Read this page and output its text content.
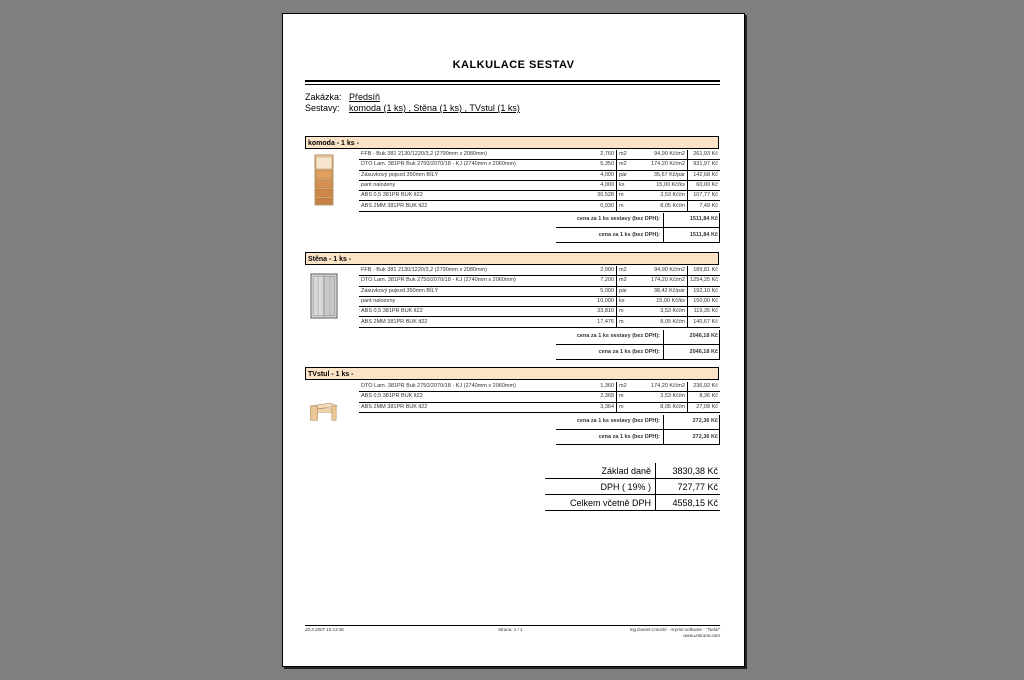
KALKULACE SESTAV
Zakázka: Předsíň
Sestavy: komoda (1 ks) , Stěna (1 ks) , TVstul (1 ks)
komoda - 1 ks -
FFB - Buk 381 2130/1220/3,2 (2790mm x 2080mm)	2,760	m2	94,90 Kč/m2	261,93 Kč
DTO Lam. 381PR Buk 2750/2070/18 - KJ (2740mm x 2060mm)	5,350	m2	174,20 Kč/m2	931,97 Kč
Zásuvkový pojezd 350mm BÍLÝ	4,000	pár	35,67 Kč/pár	142,68 Kč
pant nalozeny	4,000	ks	15,00 Kč/ks	60,00 Kč
ABS 0,5 381PR BUK lt22	30,528	m	3,53 Kč/m	107,77 Kč
ABS 2MM 381PR BUK lt22	0,930	m	8,05 Kč/m	7,49 Kč
cena za 1 ks sestavy (bez DPH):	1511,84 Kč
cena za 1 ks (bez DPH):	1511,84 Kč
Stěna - 1 ks -
FFB - Buk 381 2130/1220/3,2 (2790mm x 2080mm)	2,000	m2	94,90 Kč/m2	189,81 Kč
DTO Lam. 381PR Buk 2750/2070/18 - KJ (2740mm x 2060mm)	7,200	m2	174,20 Kč/m2	1254,25 Kč
Zásuvkový pojezd 350mm BÍLÝ	5,000	pár	38,42 Kč/pár	192,10 Kč
pant nalozeny	10,000	ks	15,00 Kč/ks	150,00 Kč
ABS 0,5 381PR BUK lt22	33,810	m	3,53 Kč/m	119,35 Kč
ABS 2MM 381PR BUK lt22	17,476	m	8,05 Kč/m	140,67 Kč
cena za 1 ks sestavy (bez DPH):	2046,18 Kč
cena za 1 ks (bez DPH):	2046,18 Kč
TVstul - 1 ks -
DTO Lam. 381PR Buk 2750/2070/18 - KJ (2740mm x 2060mm)	1,360	m2	174,20 Kč/m2	236,92 Kč
ABS 0,5 381PR BUK lt22	2,368	m	3,53 Kč/m	8,36 Kč
ABS 2MM 381PR BUK lt22	3,364	m	8,05 Kč/m	27,08 Kč
cena za 1 ks sestavy (bez DPH):	272,36 Kč
cena za 1 ks (bez DPH):	272,36 Kč
Základ daně	3830,38 Kč
DPH ( 19% )	727,77 Kč
Celkem včetně DPH	4558,15 Kč
20.3.2007 15:13:36	Strana: 1 / 1	Ing.Daniel Cmochi - Arprint software - "Tudal"
www.unitrano.com
